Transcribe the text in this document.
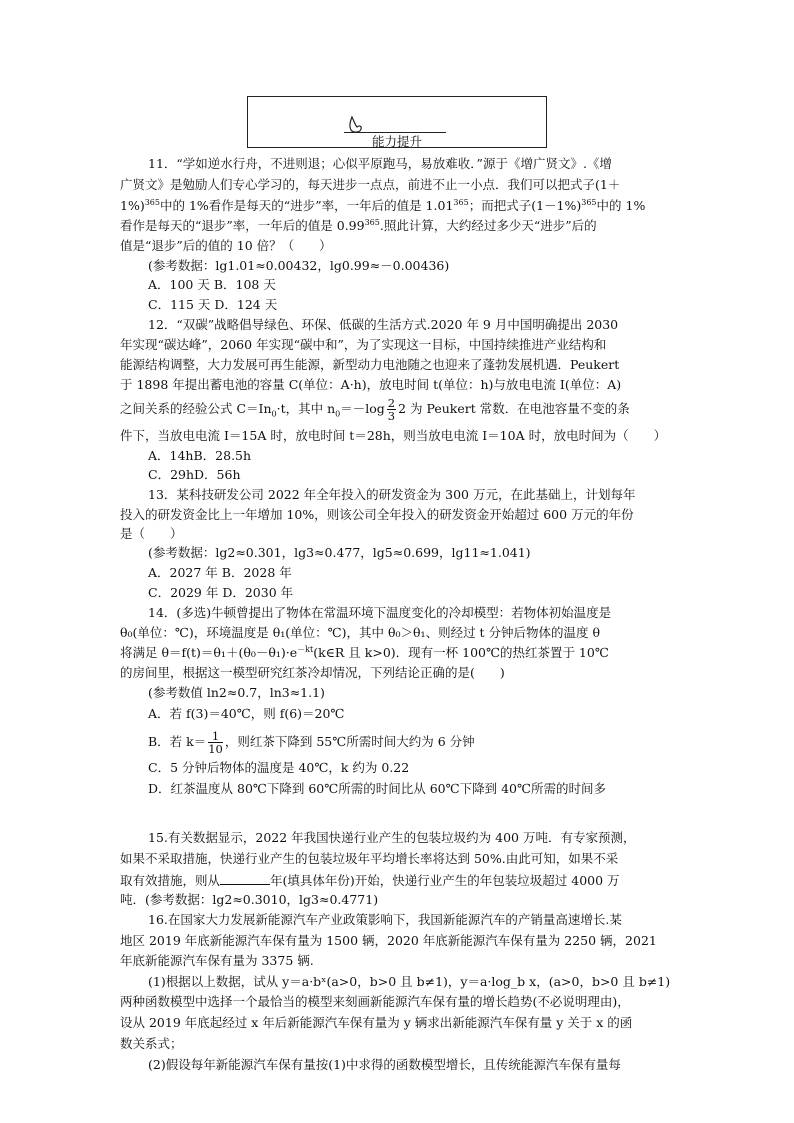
能力提升
11．“学如逆水行舟，不进则退；心似平原跑马，易放难收．”源于《增广贤文》.《增
广贤文》是勉励人们专心学习的，每天进步一点点，前进不止一小点．我们可以把式子(1＋
1%)$^{365}$中的 1%看作是每天的“进步”率，一年后的值是 1.01$^{365}$；而把式子$(1-1\%)^{365}$中的 1%
看作是每天的“退步”率，一年后的值是 0.99$^{365}$.照此计算，大约经过多少天“进步”后的
值是“退步”后的值的 10 倍？（　　）
(参考数据：lg1.01≈0.00432，lg0.99≈－0.00436)
A．100 天 B．108 天
C．115 天 D．124 天
12．“双碳”战略倡导绿色、环保、低碳的生活方式.2020 年 9 月中国明确提出 2030
年实现“碳达峰”，2060 年实现“碳中和”，为了实现这一目标，中国持续推进产业结构和
能源结构调整，大力发展可再生能源，新型动力电池随之也迎来了蓬勃发展机遇．Peukert
于 1898 年提出蓄电池的容量 C(单位：A·h)，放电时间 t(单位：h)与放电电流 I(单位：A)
之间关系的经验公式 $C=In_0\cdot t$，其中 $n_0=-\log \frac{2}{3} 2$ 为 Peukert 常数．在电池容量不变的条
件下，当放电电流 I＝15A 时，放电时间 t＝28h，则当放电电流 I＝10A 时，放电时间为（　　）
A．14hB．28.5h
C．29hD．56h
13．某科技研发公司 2022 年全年投入的研发资金为 300 万元，在此基础上，计划每年
投入的研发资金比上一年增加 10%，则该公司全年投入的研发资金开始超过 600 万元的年份
是（　　）
(参考数据：lg2≈0.301，lg3≈0.477，lg5≈0.699，lg11≈1.041)
A．2027 年 B．2028 年
C．2029 年 D．2030 年
14．(多选)牛顿曾提出了物体在常温环境下温度变化的冷却模型：若物体初始温度是
θ₀(单位：℃)，环境温度是 θ₁(单位：℃)，其中 θ₀＞θ₁、则经过 t 分钟后物体的温度 θ
将满足 $\theta=f(t)=\theta_1+(\theta_0-\theta_1)\cdot e^{-kt}(k\in R$ 且 k>0)．现有一杯 100℃的热红茶置于 10℃
的房间里，根据这一模型研究红茶冷却情况，下列结论正确的是(　　)
(参考数值 ln2≈0.7，ln3≈1.1)
A．若 f(3)＝40℃，则 f(6)＝20℃
B．若 $k= \frac{1}{10}$ ，则红茶下降到 55℃所需时间大约为 6 分钟
C．5 分钟后物体的温度是 40℃，k 约为 0.22
D．红茶温度从 80℃下降到 60℃所需的时间比从 60℃下降到 40℃所需的时间多
15.有关数据显示，2022 年我国快递行业产生的包装垃圾约为 400 万吨．有专家预测，
如果不采取措施，快递行业产生的包装垃圾年平均增长率将达到 50%.由此可知，如果不采
取有效措施，则从	年(填具体年份)开始，快递行业产生的年包装垃圾超过 4000 万
吨．(参考数据：lg2≈0.3010，lg3≈0.4771)
16.在国家大力发展新能源汽车产业政策影响下，我国新能源汽车的产销量高速增长.某
地区 2019 年底新能源汽车保有量为 1500 辆，2020 年底新能源汽车保有量为 2250 辆，2021
年底新能源汽车保有量为 3375 辆.
(1)根据以上数据，试从 y＝a·bˣ(a>0，b>0 且 b≠1)，y＝a·log_b x，(a>0，b>0 且 b≠1)
两种函数模型中选择一个最恰当的模型来刻画新能源汽车保有量的增长趋势(不必说明理由)，
设从 2019 年底起经过 x 年后新能源汽车保有量为 y 辆求出新能源汽车保有量 y 关于 x 的函
数关系式；
(2)假设每年新能源汽车保有量按(1)中求得的函数模型增长，且传统能源汽车保有量每
